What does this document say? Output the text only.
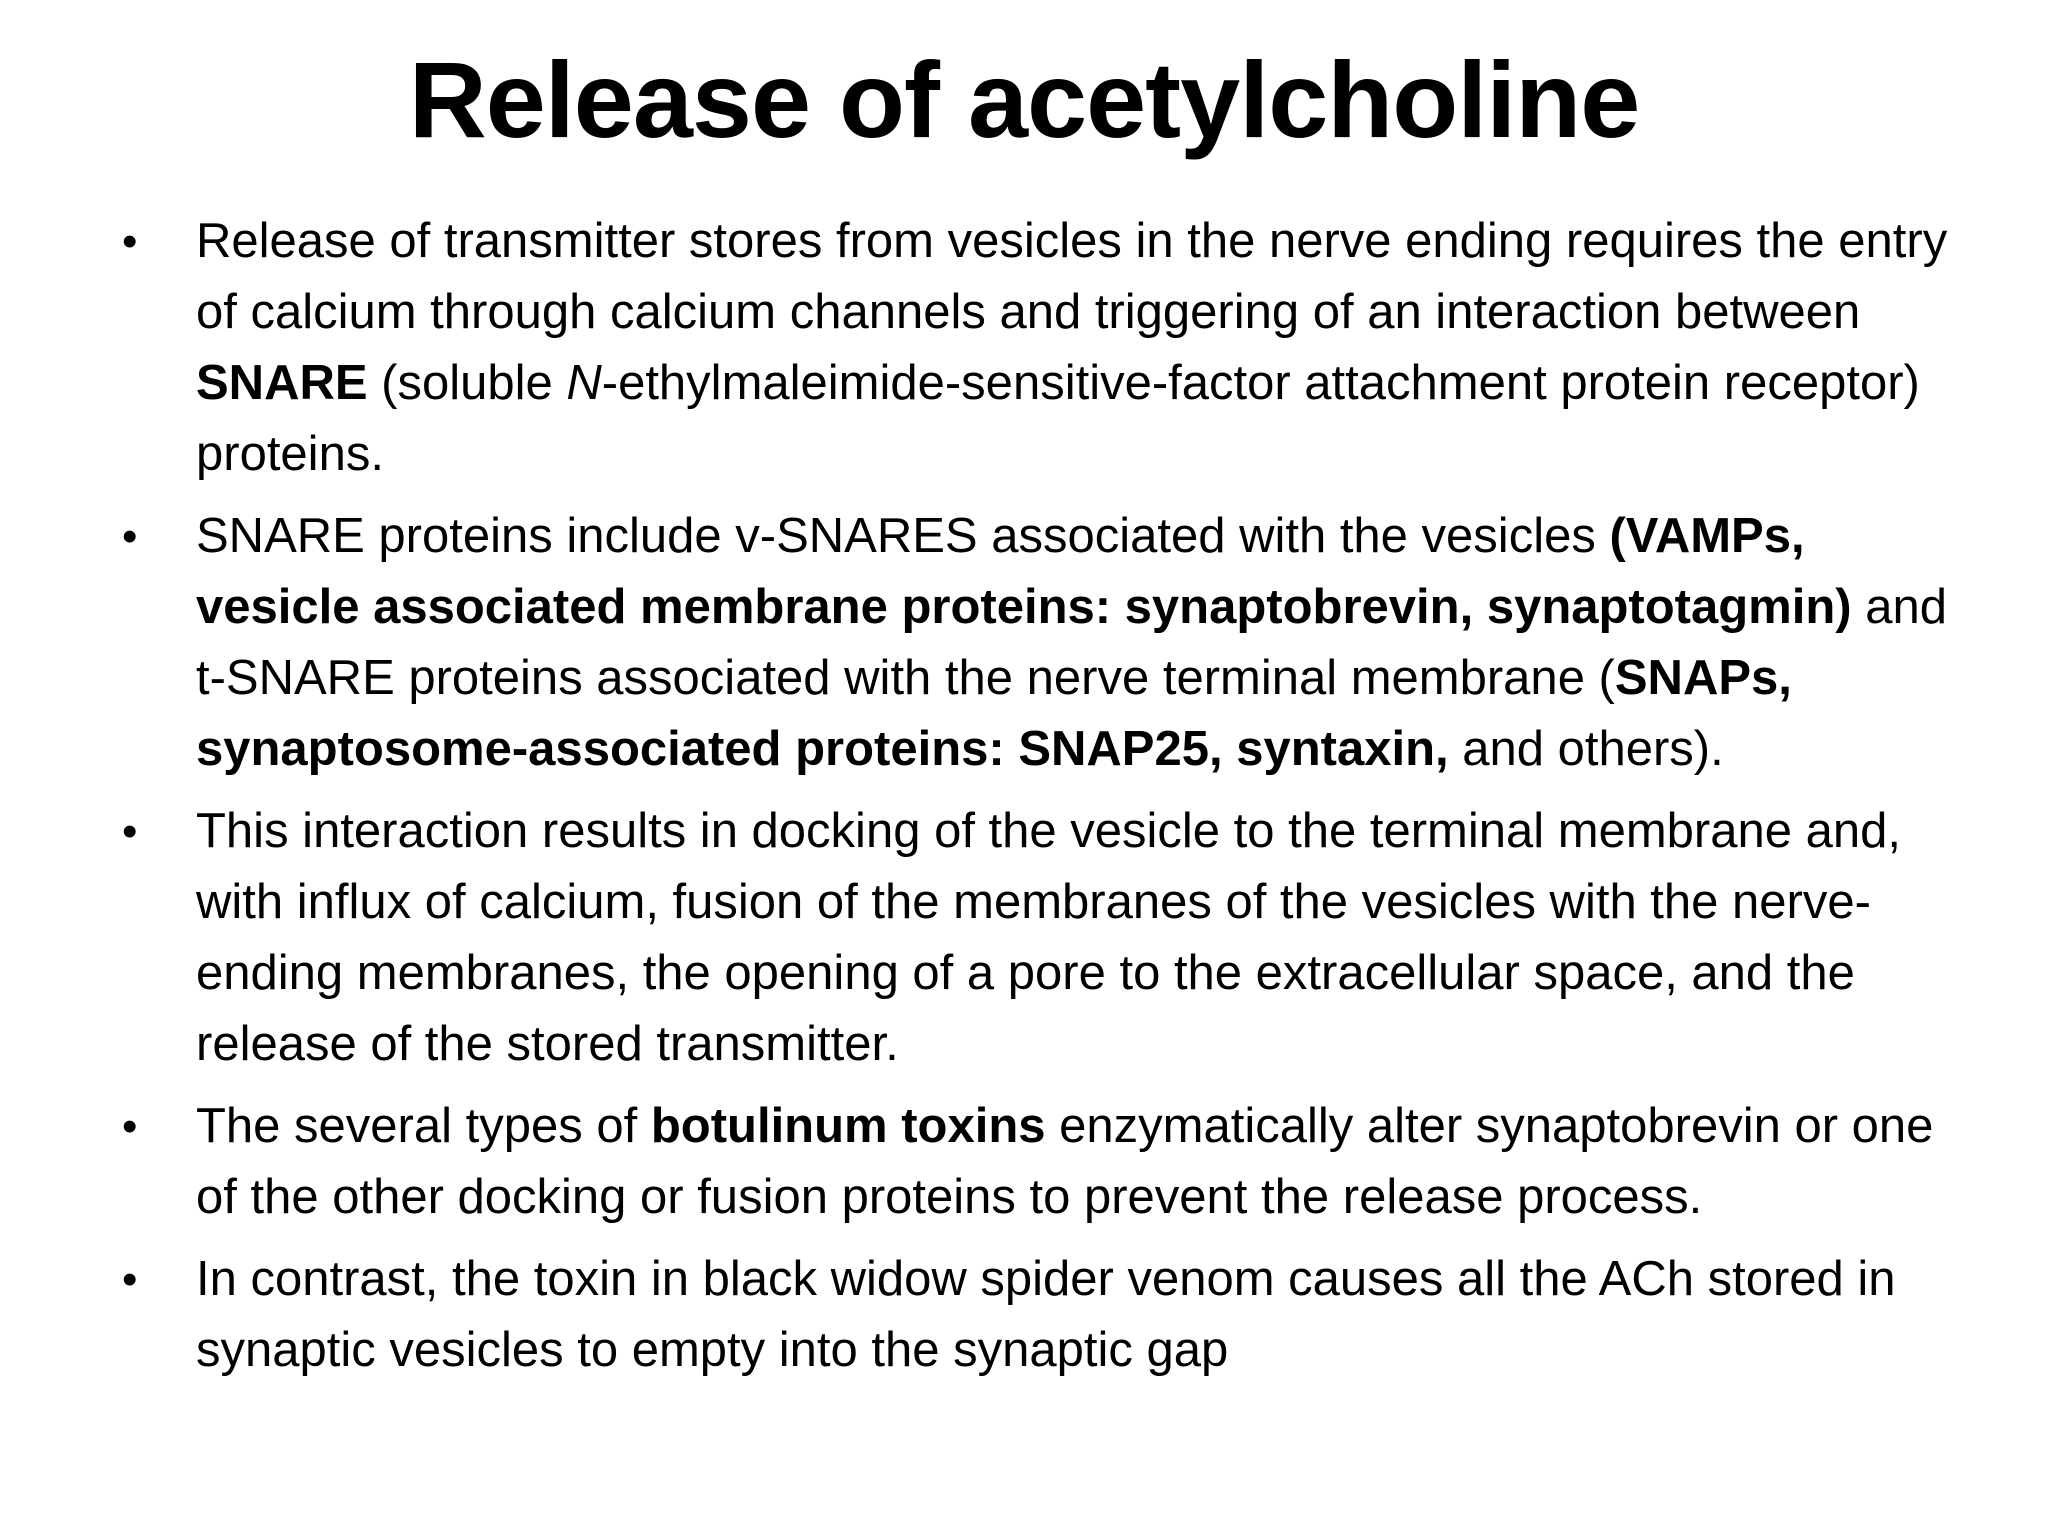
Release of acetylcholine
• Release of transmitter stores from vesicles in the nerve ending requires the entry of calcium through calcium channels and triggering of an interaction between SNARE (soluble N-ethylmaleimide-sensitive-factor attachment protein receptor) proteins.
• SNARE proteins include v-SNARES associated with the vesicles (VAMPs, vesicle associated membrane proteins: synaptobrevin, synaptotagmin) and t-SNARE proteins associated with the nerve terminal membrane (SNAPs, synaptosome-associated proteins: SNAP25, syntaxin, and others).
• This interaction results in docking of the vesicle to the terminal membrane and, with influx of calcium, fusion of the membranes of the vesicles with the nerve-ending membranes, the opening of a pore to the extracellular space, and the release of the stored transmitter.
• The several types of botulinum toxins enzymatically alter synaptobrevin or one of the other docking or fusion proteins to prevent the release process.
• In contrast, the toxin in black widow spider venom causes all the ACh stored in synaptic vesicles to empty into the synaptic gap
